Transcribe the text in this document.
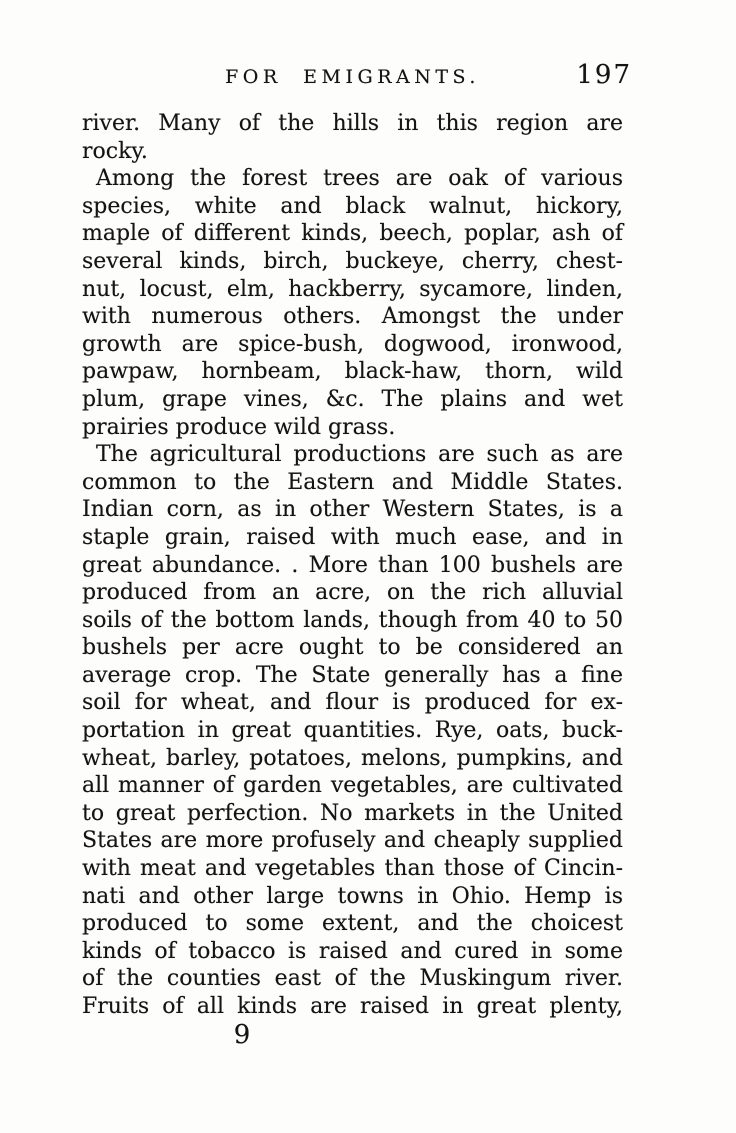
FOR EMIGRANTS.	197
river. Many of the hills in this region are
rocky.
Among the forest trees are oak of various
species, white and black walnut, hickory,
maple of different kinds, beech, poplar, ash of
several kinds, birch, buckeye, cherry, chest-
nut, locust, elm, hackberry, sycamore, linden,
with numerous others. Amongst the under
growth are spice-bush, dogwood, ironwood,
pawpaw, hornbeam, black-haw, thorn, wild
plum, grape vines, &c. The plains and wet
prairies produce wild grass.
The agricultural productions are such as are
common to the Eastern and Middle States.
Indian corn, as in other Western States, is a
staple grain, raised with much ease, and in
great abundance. . More than 100 bushels are
produced from an acre, on the rich alluvial
soils of the bottom lands, though from 40 to 50
bushels per acre ought to be considered an
average crop. The State generally has a fine
soil for wheat, and flour is produced for ex-
portation in great quantities. Rye, oats, buck-
wheat, barley, potatoes, melons, pumpkins, and
all manner of garden vegetables, are cultivated
to great perfection. No markets in the United
States are more profusely and cheaply supplied
with meat and vegetables than those of Cincin-
nati and other large towns in Ohio. Hemp is
produced to some extent, and the choicest
kinds of tobacco is raised and cured in some
of the counties east of the Muskingum river.
Fruits of all kinds are raised in great plenty,
9
